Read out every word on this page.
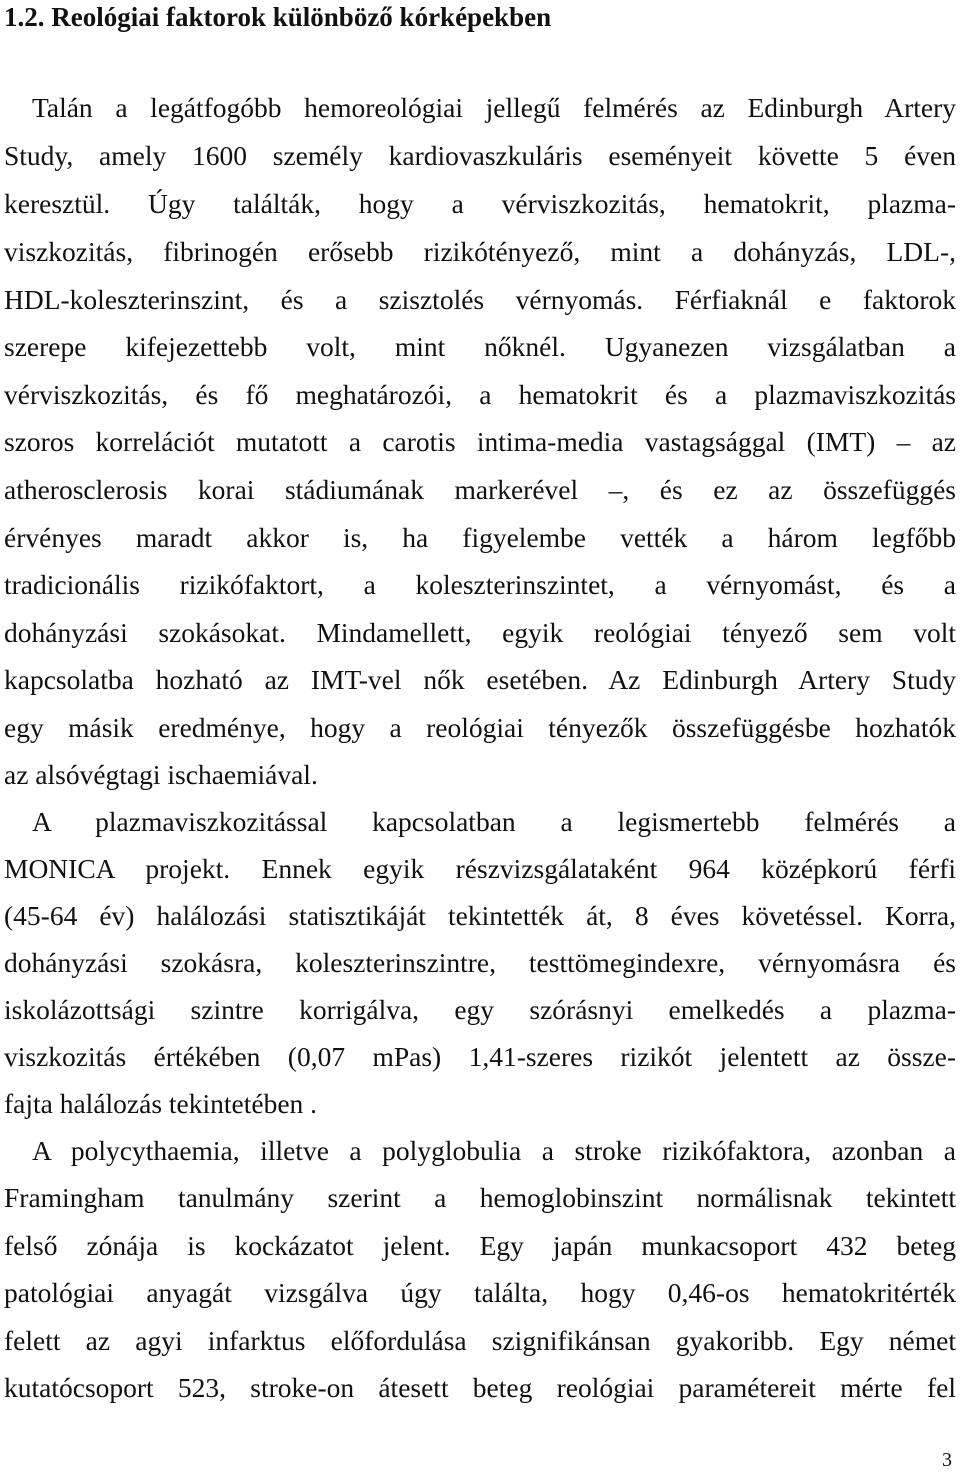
1.2. Reológiai faktorok különböző kórképekben
Talán a legátfogóbb hemoreológiai jellegű felmérés az Edinburgh Artery
Study, amely 1600 személy kardiovaszkuláris eseményeit követte 5 éven
keresztül. Úgy találták, hogy a vérviszkozitás, hematokrit, plazma-
viszkozitás, fibrinogén erősebb rizikótényező, mint a dohányzás, LDL-,
HDL-koleszterinszint, és a szisztolés vérnyomás. Férfiaknál e faktorok
szerepe kifejezettebb volt, mint nőknél. Ugyanezen vizsgálatban a
vérviszkozitás, és fő meghatározói, a hematokrit és a plazmaviszkozitás
szoros korrelációt mutatott a carotis intima-media vastagsággal (IMT) – az
atherosclerosis korai stádiumának markerével –, és ez az összefüggés
érvényes maradt akkor is, ha figyelembe vették a három legfőbb
tradicionális rizikófaktort, a koleszterinszintet, a vérnyomást, és a
dohányzási szokásokat. Mindamellett, egyik reológiai tényező sem volt
kapcsolatba hozható az IMT-vel nők esetében. Az Edinburgh Artery Study
egy másik eredménye, hogy a reológiai tényezők összefüggésbe hozhatók
az alsóvégtagi ischaemiával.
A plazmaviszkozitással kapcsolatban a legismertebb felmérés a
MONICA projekt. Ennek egyik részvizsgálataként 964 középkorú férfi
(45-64 év) halálozási statisztikáját tekintették át, 8 éves követéssel. Korra,
dohányzási szokásra, koleszterinszintre, testtömegindexre, vérnyomásra és
iskolázottsági szintre korrigálva, egy szórásnyi emelkedés a plazma-
viszkozitás értékében (0,07 mPas) 1,41-szeres rizikót jelentett az össze-
fajta halálozás tekintetében .
A polycythaemia, illetve a polyglobulia a stroke rizikófaktora, azonban a
Framingham tanulmány szerint a hemoglobinszint normálisnak tekintett
felső zónája is kockázatot jelent. Egy japán munkacsoport 432 beteg
patológiai anyagát vizsgálva úgy találta, hogy 0,46-os hematokritérték
felett az agyi infarktus előfordulása szignifikánsan gyakoribb. Egy német
kutatócsoport 523, stroke-on átesett beteg reológiai paramétereit mérte fel
3
